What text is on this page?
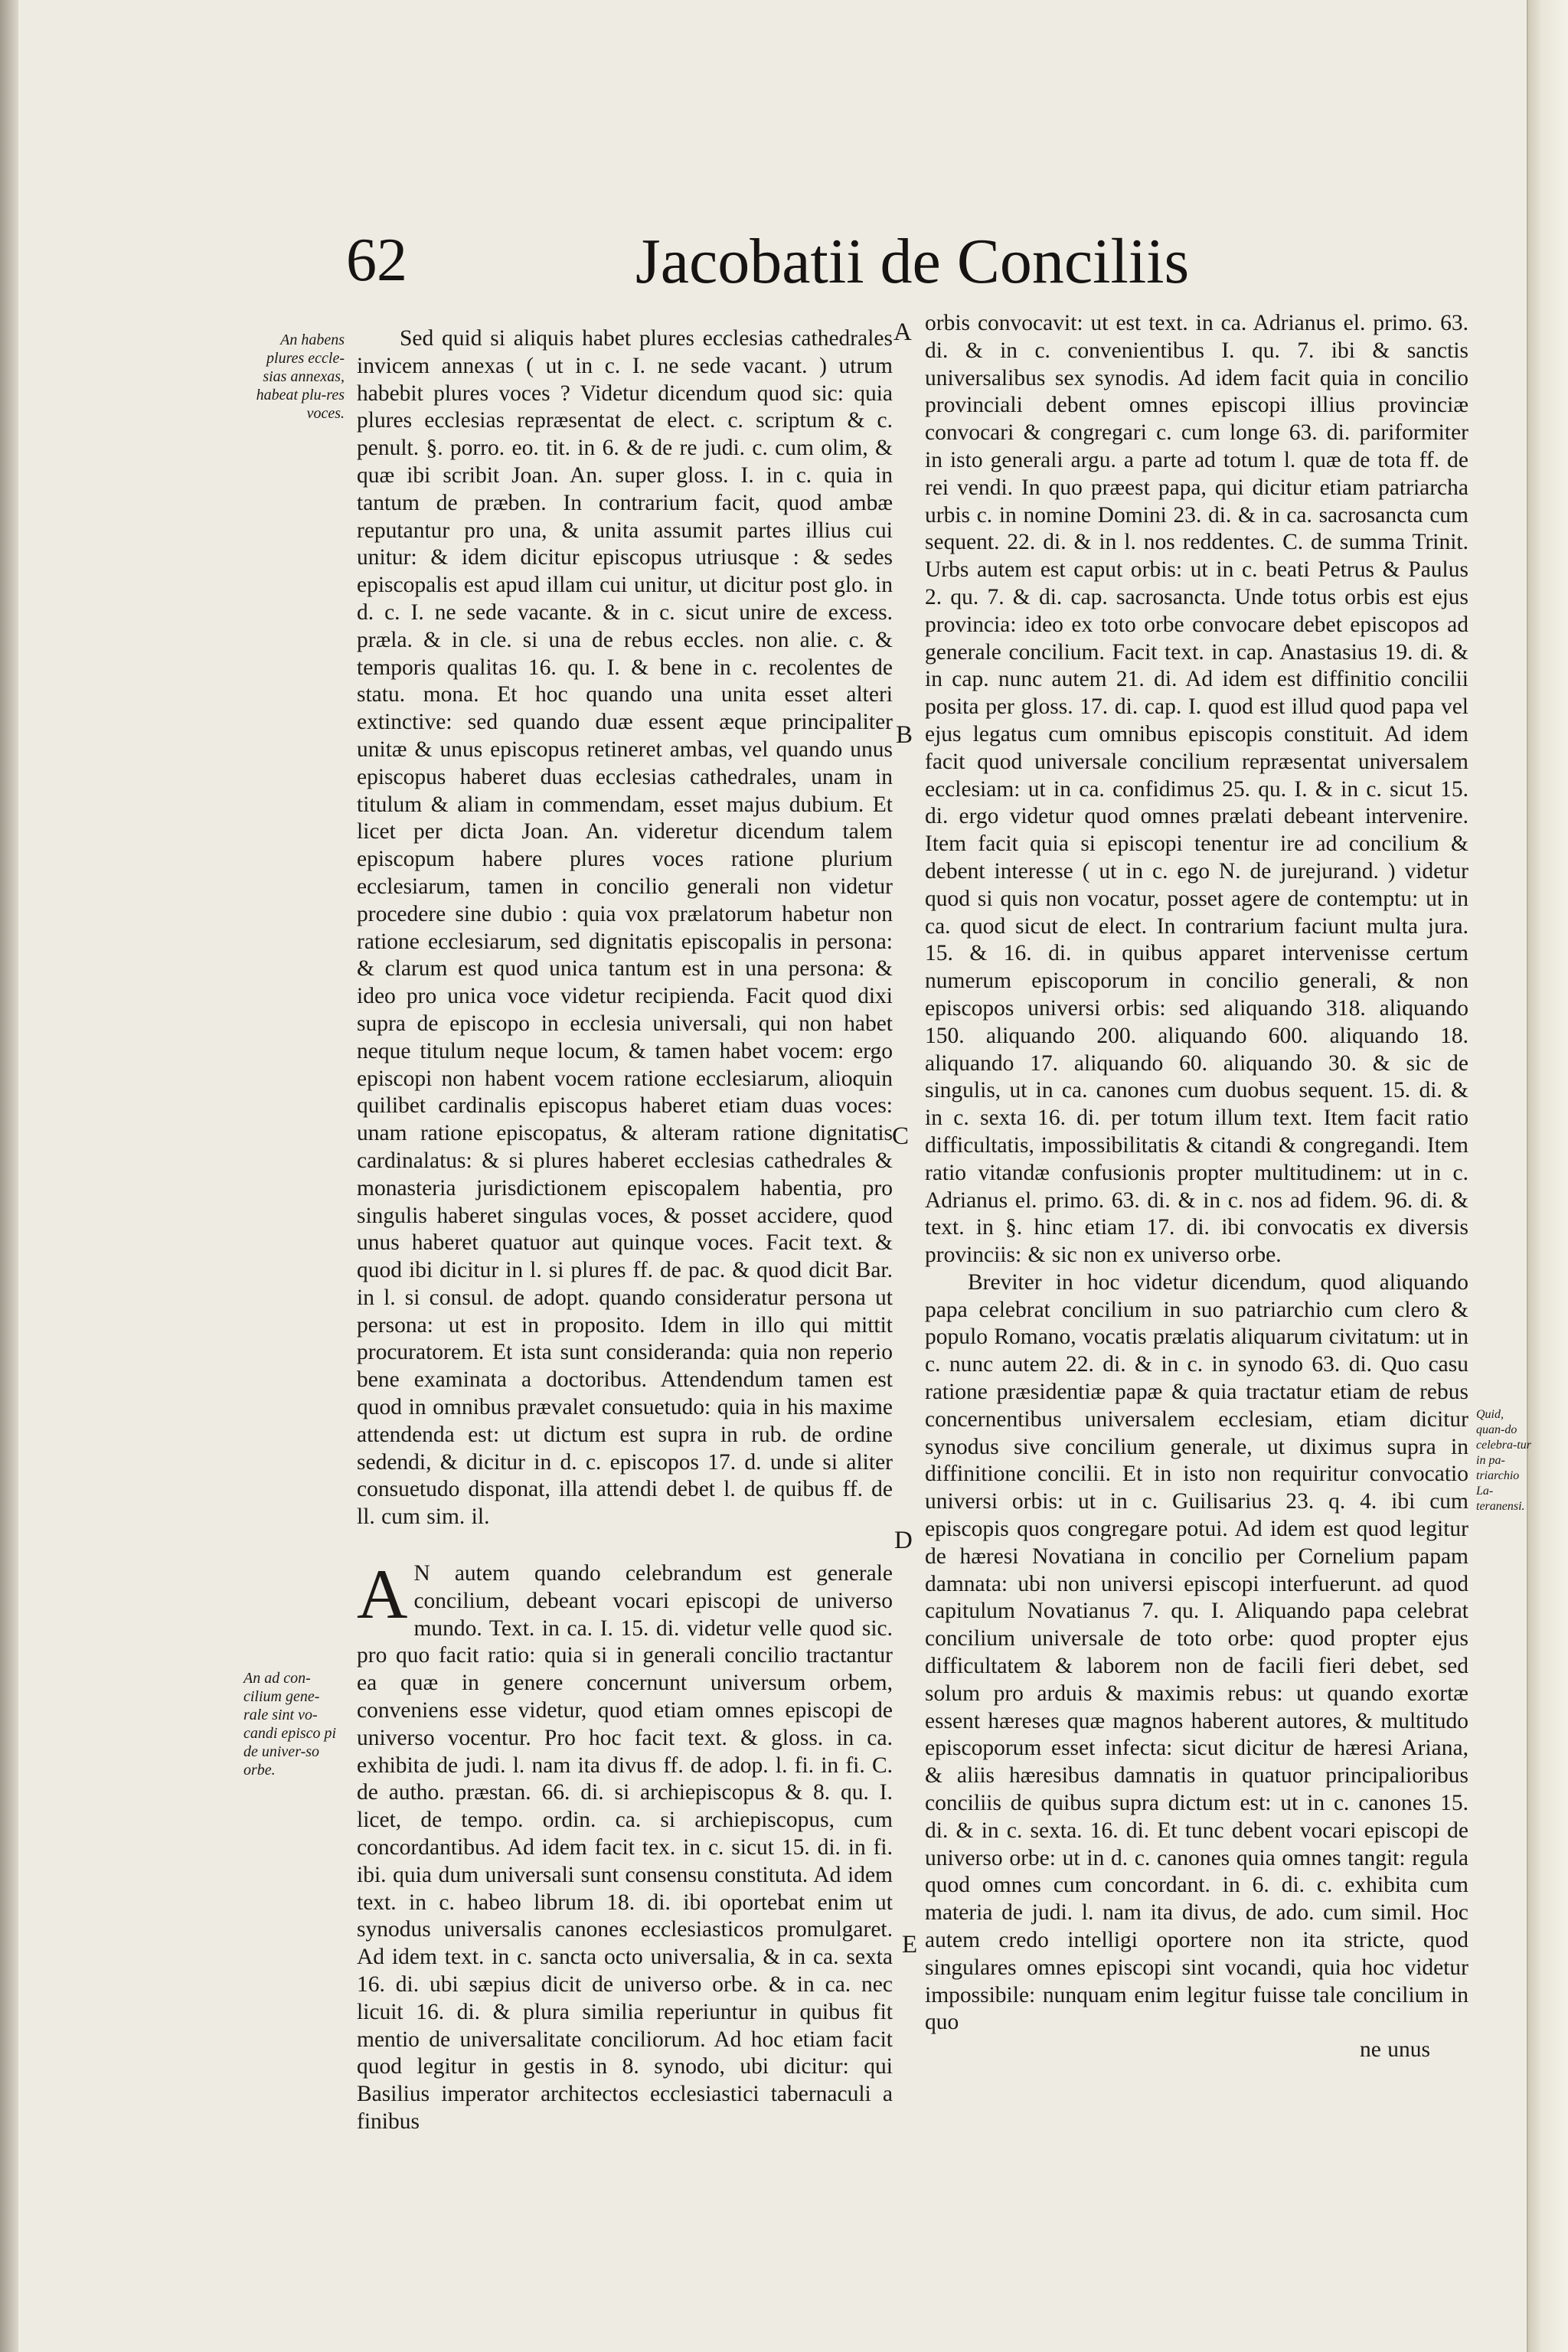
62	Jacobatii de Conciliis
An habens plures eccle-sias annexas, habeat plu-res voces.
An ad con-cilium gene-rale sint vo-candi episco pi de univer-so orbe.
Quid, quan-do celebra-tur in pa-triarchio La-teranensi.
A
B
C
D
E

Sed quid si aliquis habet plures ecclesias cathedrales invicem annexas ( ut in c. I. ne sede vacant. ) utrum habebit plures voces ? Videtur dicendum quod sic: quia plures ecclesias repræsentat de elect. c. scriptum & c. penult. §. porro. eo. tit. in 6. & de re judi. c. cum olim, & quæ ibi scribit Joan. An. super gloss. I. in c. quia in tantum de præben. In contrarium facit, quod ambæ reputantur pro una, & unita assumit partes illius cui unitur: & idem dicitur episcopus utriusque : & sedes episcopalis est apud illam cui unitur, ut dicitur post glo. in d. c. I. ne sede vacante. & in c. sicut unire de excess. præla. & in cle. si una de rebus eccles. non alie. c. & temporis qualitas 16. qu. I. & bene in c. recolentes de statu. mona. Et hoc quando una unita esset alteri extinctive: sed quando duæ essent æque principaliter unitæ & unus episcopus retineret ambas, vel quando unus episcopus haberet duas ecclesias cathedrales, unam in titulum & aliam in commendam, esset majus dubium. Et licet per dicta Joan. An. videretur dicendum talem episcopum habere plures voces ratione plurium ecclesiarum, tamen in concilio generali non videtur procedere sine dubio : quia vox prælatorum habetur non ratione ecclesiarum, sed dignitatis episcopalis in persona: & clarum est quod unica tantum est in una persona: & ideo pro unica voce videtur recipienda. Facit quod dixi supra de episcopo in ecclesia universali, qui non habet neque titulum neque locum, & tamen habet vocem: ergo episcopi non habent vocem ratione ecclesiarum, alioquin quilibet cardinalis episcopus haberet etiam duas voces: unam ratione episcopatus, & alteram ratione dignitatis cardinalatus: & si plures haberet ecclesias cathedrales & monasteria jurisdictionem episcopalem habentia, pro singulis haberet singulas voces, & posset accidere, quod unus haberet quatuor aut quinque voces. Facit text. & quod ibi dicitur in l. si plures ff. de pac. & quod dicit Bar. in l. si consul. de adopt. quando consideratur persona ut persona: ut est in proposito. Idem in illo qui mittit procuratorem. Et ista sunt consideranda: quia non reperio bene examinata a doctoribus. Attendendum tamen est quod in omnibus prævalet consuetudo: quia in his maxime attendenda est: ut dictum est supra in rub. de ordine sedendi, & dicitur in d. c. episcopos 17. d. unde si aliter consuetudo disponat, illa attendi debet l. de quibus ff. de ll. cum sim. il.

A N autem quando celebrandum est generale concilium, debeant vocari episcopi de universo mundo. Text. in ca. I. 15. di. videtur velle quod sic. pro quo facit ratio: quia si in generali concilio tractantur ea quæ in genere concernunt universum orbem, conveniens esse videtur, quod etiam omnes episcopi de universo vocentur. Pro hoc facit text. & gloss. in ca. exhibita de judi. l. nam ita divus ff. de adop. l. fi. in fi. C. de autho. præstan. 66. di. si archiepiscopus & 8. qu. I. licet, de tempo. ordin. ca. si archiepiscopus, cum concordantibus. Ad idem facit tex. in c. sicut 15. di. in fi. ibi. quia dum universali sunt consensu constituta. Ad idem text. in c. habeo librum 18. di. ibi oportebat enim ut synodus universalis canones ecclesiasticos promulgaret. Ad idem text. in c. sancta octo universalia, & in ca. sexta 16. di. ubi sæpius dicit de universo orbe. & in ca. nec licuit 16. di. & plura similia reperiuntur in quibus fit mentio de universalitate conciliorum. Ad hoc etiam facit quod legitur in gestis in 8. synodo, ubi dicitur: qui Basilius imperator architectos ecclesiastici tabernaculi a finibus

orbis convocavit: ut est text. in ca. Adrianus el. primo. 63. di. & in c. convenientibus I. qu. 7. ibi & sanctis universalibus sex synodis. Ad idem facit quia in concilio provinciali debent omnes episcopi illius provinciæ convocari & congregari c. cum longe 63. di. pariformiter in isto generali argu. a parte ad totum l. quæ de tota ff. de rei vendi. In quo præest papa, qui dicitur etiam patriarcha urbis c. in nomine Domini 23. di. & in ca. sacrosancta cum sequent. 22. di. & in l. nos reddentes. C. de summa Trinit. Urbs autem est caput orbis: ut in c. beati Petrus & Paulus 2. qu. 7. & di. cap. sacrosancta. Unde totus orbis est ejus provincia: ideo ex toto orbe convocare debet episcopos ad generale concilium. Facit text. in cap. Anastasius 19. di. & in cap. nunc autem 21. di. Ad idem est diffinitio concilii posita per gloss. 17. di. cap. I. quod est illud quod papa vel ejus legatus cum omnibus episcopis constituit. Ad idem facit quod universale concilium repræsentat universalem ecclesiam: ut in ca. confidimus 25. qu. I. & in c. sicut 15. di. ergo videtur quod omnes prælati debeant intervenire. Item facit quia si episcopi tenentur ire ad concilium & debent interesse ( ut in c. ego N. de jurejurand. ) videtur quod si quis non vocatur, posset agere de contemptu: ut in ca. quod sicut de elect. In contrarium faciunt multa jura. 15. & 16. di. in quibus apparet intervenisse certum numerum episcoporum in concilio generali, & non episcopos universi orbis: sed aliquando 318. aliquando 150. aliquando 200. aliquando 600. aliquando 18. aliquando 17. aliquando 60. aliquando 30. & sic de singulis, ut in ca. canones cum duobus sequent. 15. di. & in c. sexta 16. di. per totum illum text. Item facit ratio difficultatis, impossibilitatis & citandi & congregandi. Item ratio vitandæ confusionis propter multitudinem: ut in c. Adrianus el. primo. 63. di. & in c. nos ad fidem. 96. di. & text. in §. hinc etiam 17. di. ibi convocatis ex diversis provinciis: & sic non ex universo orbe.

Breviter in hoc videtur dicendum, quod aliquando papa celebrat concilium in suo patriarchio cum clero & populo Romano, vocatis prælatis aliquarum civitatum: ut in c. nunc autem 22. di. & in c. in synodo 63. di. Quo casu ratione præsidentiæ papæ & quia tractatur etiam de rebus concernentibus universalem ecclesiam, etiam dicitur synodus sive concilium generale, ut diximus supra in diffinitione concilii. Et in isto non requiritur convocatio universi orbis: ut in c. Guilisarius 23. q. 4. ibi cum episcopis quos congregare potui. Ad idem est quod legitur de hæresi Novatiana in concilio per Cornelium papam damnata: ubi non universi episcopi interfuerunt. ad quod capitulum Novatianus 7. qu. I. Aliquando papa celebrat concilium universale de toto orbe: quod propter ejus difficultatem & laborem non de facili fieri debet, sed solum pro arduis & maximis rebus: ut quando exortæ essent hæreses quæ magnos haberent autores, & multitudo episcoporum esset infecta: sicut dicitur de hæresi Ariana, & aliis hæresibus damnatis in quatuor principalioribus conciliis de quibus supra dictum est: ut in c. canones 15. di. & in c. sexta. 16. di. Et tunc debent vocari episcopi de universo orbe: ut in d. c. canones quia omnes tangit: regula quod omnes cum concordant. in 6. di. c. exhibita cum materia de judi. l. nam ita divus, de ado. cum simil. Hoc autem credo intelligi oportere non ita stricte, quod singulares omnes episcopi sint vocandi, quia hoc videtur impossibile: nunquam enim legitur fuisse tale concilium in quo

ne unus
